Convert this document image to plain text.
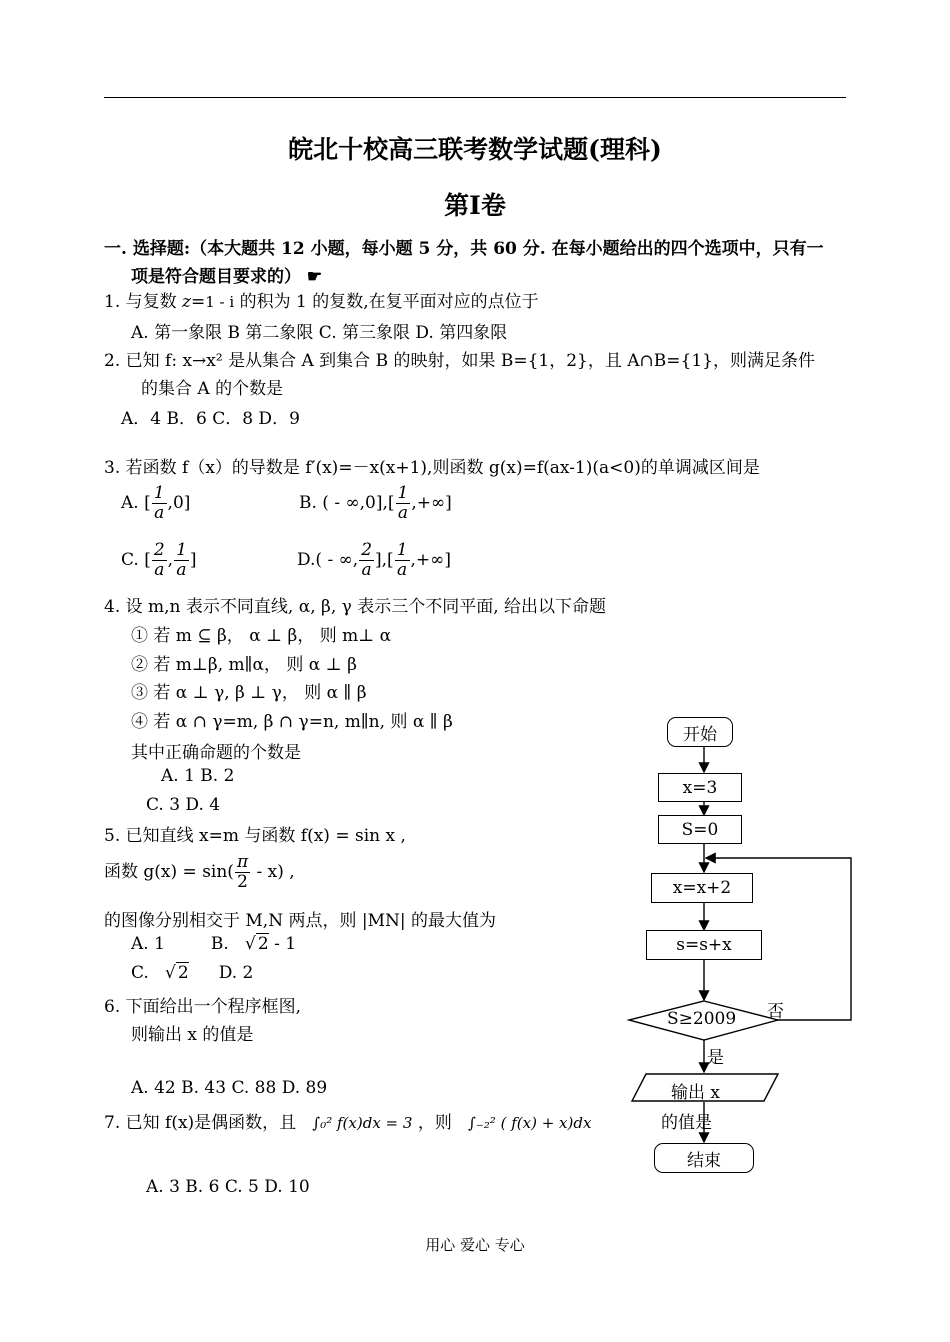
皖北十校高三联考数学试题(理科)
第I卷
一. 选择题:（本大题共 12 小题，每小题 5 分，共 60 分. 在每小题给出的四个选项中，只有一
项是符合题目要求的） ☛
1. 与复数 z=1 - i 的积为 1 的复数,在复平面对应的点位于
A. 第一象限 B 第二象限 C. 第三象限 D. 第四象限
2. 已知 f: x→x² 是从集合 A 到集合 B 的映射，如果 B={1，2}，且 A∩B={1}，则满足条件
的集合 A 的个数是
A．4 B．6 C．8 D．9
3. 若函数 f（x）的导数是 f′(x)=－x(x+1),则函数 g(x)=f(ax-1)(a<0)的单调减区间是
A. [ $\frac{1}{a} ,0$]	B. ( - $\infty,0],[ \frac{1}{a}$ ,+∞]
C. [ $\frac{2}{a}$ , $\frac{1}{a}$ ]	D.( - ∞, $\frac{2}{a}$ ],[ $\frac{1}{a}$ ,+∞]
4. 设 m,n 表示不同直线, α, β, γ 表示三个不同平面, 给出以下命题
① 若 m ⊆ β， α ⊥ β， 则 m⊥ α
② 若 m⊥β, m∥α， 则 α ⊥ β
③ 若 α ⊥ γ, β ⊥ γ， 则 α ∥ β
④ 若 α ∩ γ=m, β ∩ γ=n, m∥n, 则 α ∥ β
其中正确命题的个数是
A. 1 B. 2
C. 3 D. 4
5. 已知直线 x=m 与函数 f(x) = sin x ,
函数 $g(x) = \sin( \frac{\pi}{2} - x)$ ,
的图像分别相交于 M,N 两点，则 |MN| 的最大值为
A. 1	B.   √ 2 - 1
C.   √ 2 D. 2
6. 下面给出一个程序框图,
则输出 x 的值是
A. 42 B. 43 C. 88 D. 89
7. 已知 f(x)是偶函数，且 ∫₀² f(x)dx = 3 ，则 ∫₋₂² ( f(x) + x)dx	的值是
A. 3 B. 6 C. 5 D. 10
开始
x=3
S=0
x=x+2
s=s+x
S≥2009 否
是
输出 x
结束
用心 爱心 专心
